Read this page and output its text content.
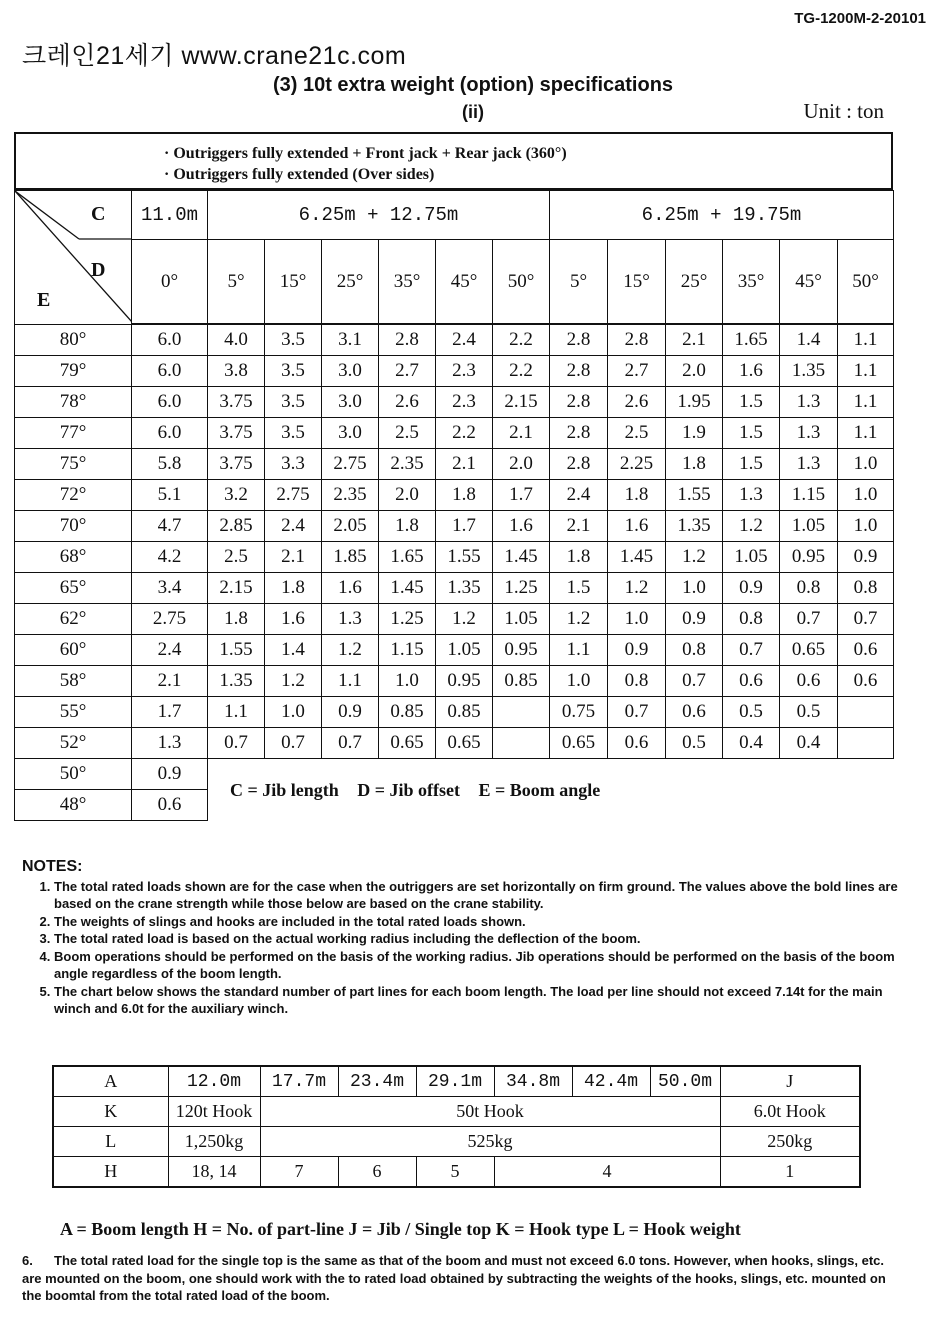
TG-1200M-2-20101
크레인21세기 www.crane21c.com
(3) 10t extra weight (option) specifications
(ii)	Unit : ton
· Outriggers fully extended + Front jack + Rear jack (360°)
· Outriggers fully extended (Over sides)
C
D
E	11.0m	6.25m + 12.75m						6.25m + 19.75m					
	0°	5°	15°	25°	35°	45°	50°	5°	15°	25°	35°	45°	50°
80°	6.0	4.0	3.5	3.1	2.8	2.4	2.2	2.8	2.8	2.1	1.65	1.4	1.1
79°	6.0	3.8	3.5	3.0	2.7	2.3	2.2	2.8	2.7	2.0	1.6	1.35	1.1
78°	6.0	3.75	3.5	3.0	2.6	2.3	2.15	2.8	2.6	1.95	1.5	1.3	1.1
77°	6.0	3.75	3.5	3.0	2.5	2.2	2.1	2.8	2.5	1.9	1.5	1.3	1.1
75°	5.8	3.75	3.3	2.75	2.35	2.1	2.0	2.8	2.25	1.8	1.5	1.3	1.0
72°	5.1	3.2	2.75	2.35	2.0	1.8	1.7	2.4	1.8	1.55	1.3	1.15	1.0
70°	4.7	2.85	2.4	2.05	1.8	1.7	1.6	2.1	1.6	1.35	1.2	1.05	1.0
68°	4.2	2.5	2.1	1.85	1.65	1.55	1.45	1.8	1.45	1.2	1.05	0.95	0.9
65°	3.4	2.15	1.8	1.6	1.45	1.35	1.25	1.5	1.2	1.0	0.9	0.8	0.8
62°	2.75	1.8	1.6	1.3	1.25	1.2	1.05	1.2	1.0	0.9	0.8	0.7	0.7
60°	2.4	1.55	1.4	1.2	1.15	1.05	0.95	1.1	0.9	0.8	0.7	0.65	0.6
58°	2.1	1.35	1.2	1.1	1.0	0.95	0.85	1.0	0.8	0.7	0.6	0.6	0.6
55°	1.7	1.1	1.0	0.9	0.85	0.85		0.75	0.7	0.6	0.5	0.5	
52°	1.3	0.7	0.7	0.7	0.65	0.65		0.65	0.6	0.5	0.4	0.4	
50°	0.9												
48°	0.6												
C = Jib length D = Jib offset E = Boom angle
NOTES:
1. The total rated loads shown are for the case when the outriggers are set horizontally on firm ground. The values above the bold lines are based on the crane strength while those below are based on the crane stability.
2. The weights of slings and hooks are included in the total rated loads shown.
3. The total rated load is based on the actual working radius including the deflection of the boom.
4. Boom operations should be performed on the basis of the working radius. Jib operations should be performed on the basis of the boom angle regardless of the boom length.
5. The chart below shows the standard number of part lines for each boom length. The load per line should not exceed 7.14t for the main winch and 6.0t for the auxiliary winch.
A	12.0m	17.7m	23.4m	29.1m	34.8m	42.4m	50.0m	J
K	120t Hook	50t Hook						6.0t Hook
L	1,250kg	525kg						250kg
H	18, 14	7	6	5	4			1
A = Boom length H = No. of part-line J = Jib / Single top K = Hook type L = Hook weight
6. The total rated load for the single top is the same as that of the boom and must not exceed 6.0 tons. However, when hooks, slings, etc. are mounted on the boom, one should work with the to rated load obtained by subtracting the weights of the hooks, slings, etc. mounted on the boomtal from the total rated load of the boom.
